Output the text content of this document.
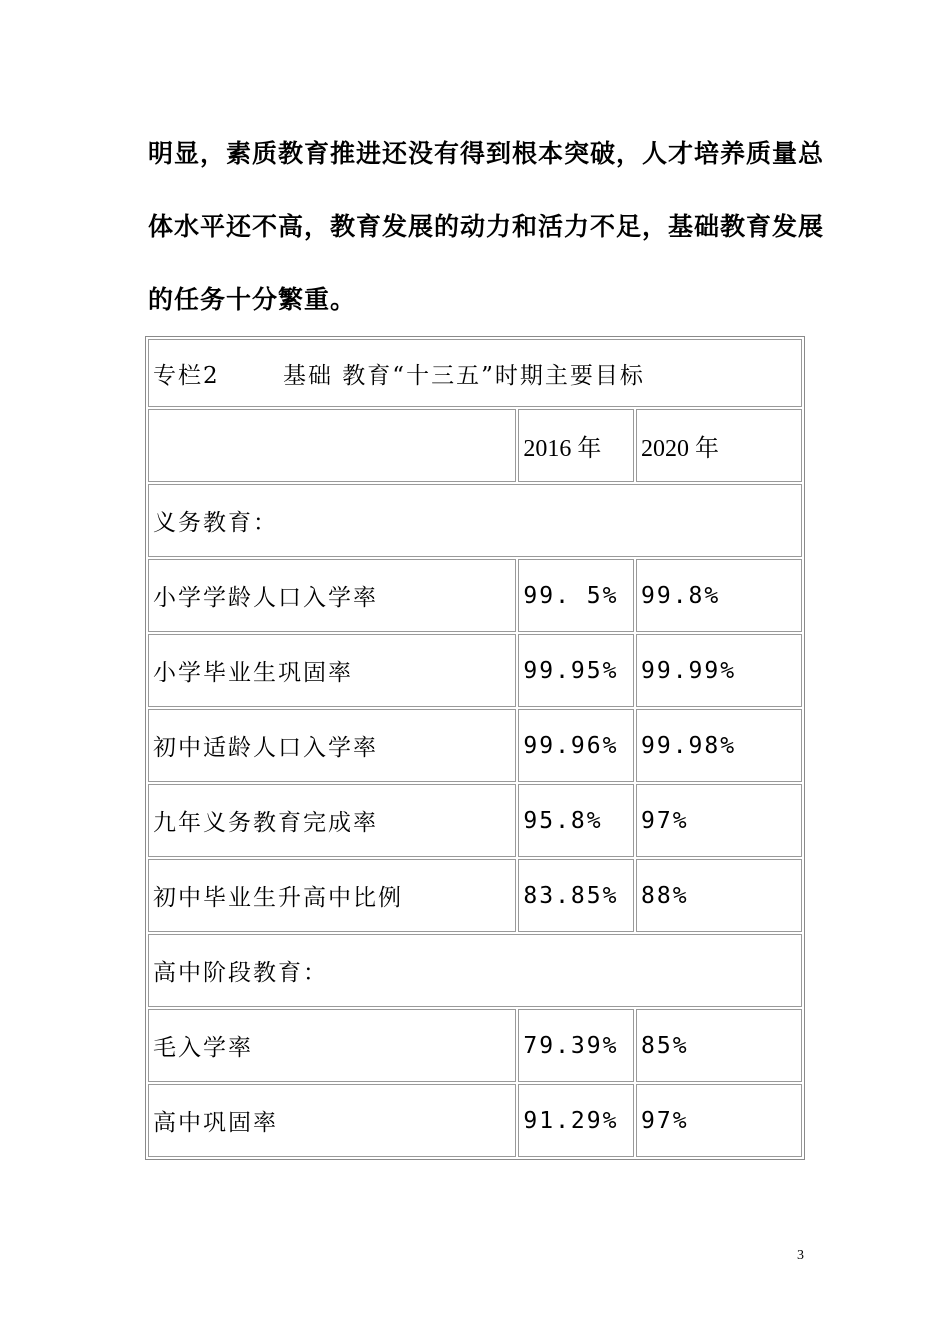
明显，素质教育推进还没有得到根本突破，人才培养质量总

体水平还不高，教育发展的动力和活力不足，基础教育发展

的任务十分繁重。

专栏2 基础 教育“十三五”时期主要目标		
	2016 年	2020 年
义务教育：		
小学学龄人口入学率	99. 5%	99.8%
小学毕业生巩固率	99.95%	99.99%
初中适龄人口入学率	99.96%	99.98%
九年义务教育完成率	95.8%	97%
初中毕业生升高中比例	83.85%	88%
高中阶段教育：		
毛入学率	79.39%	85%
高中巩固率	91.29%	97%
3
